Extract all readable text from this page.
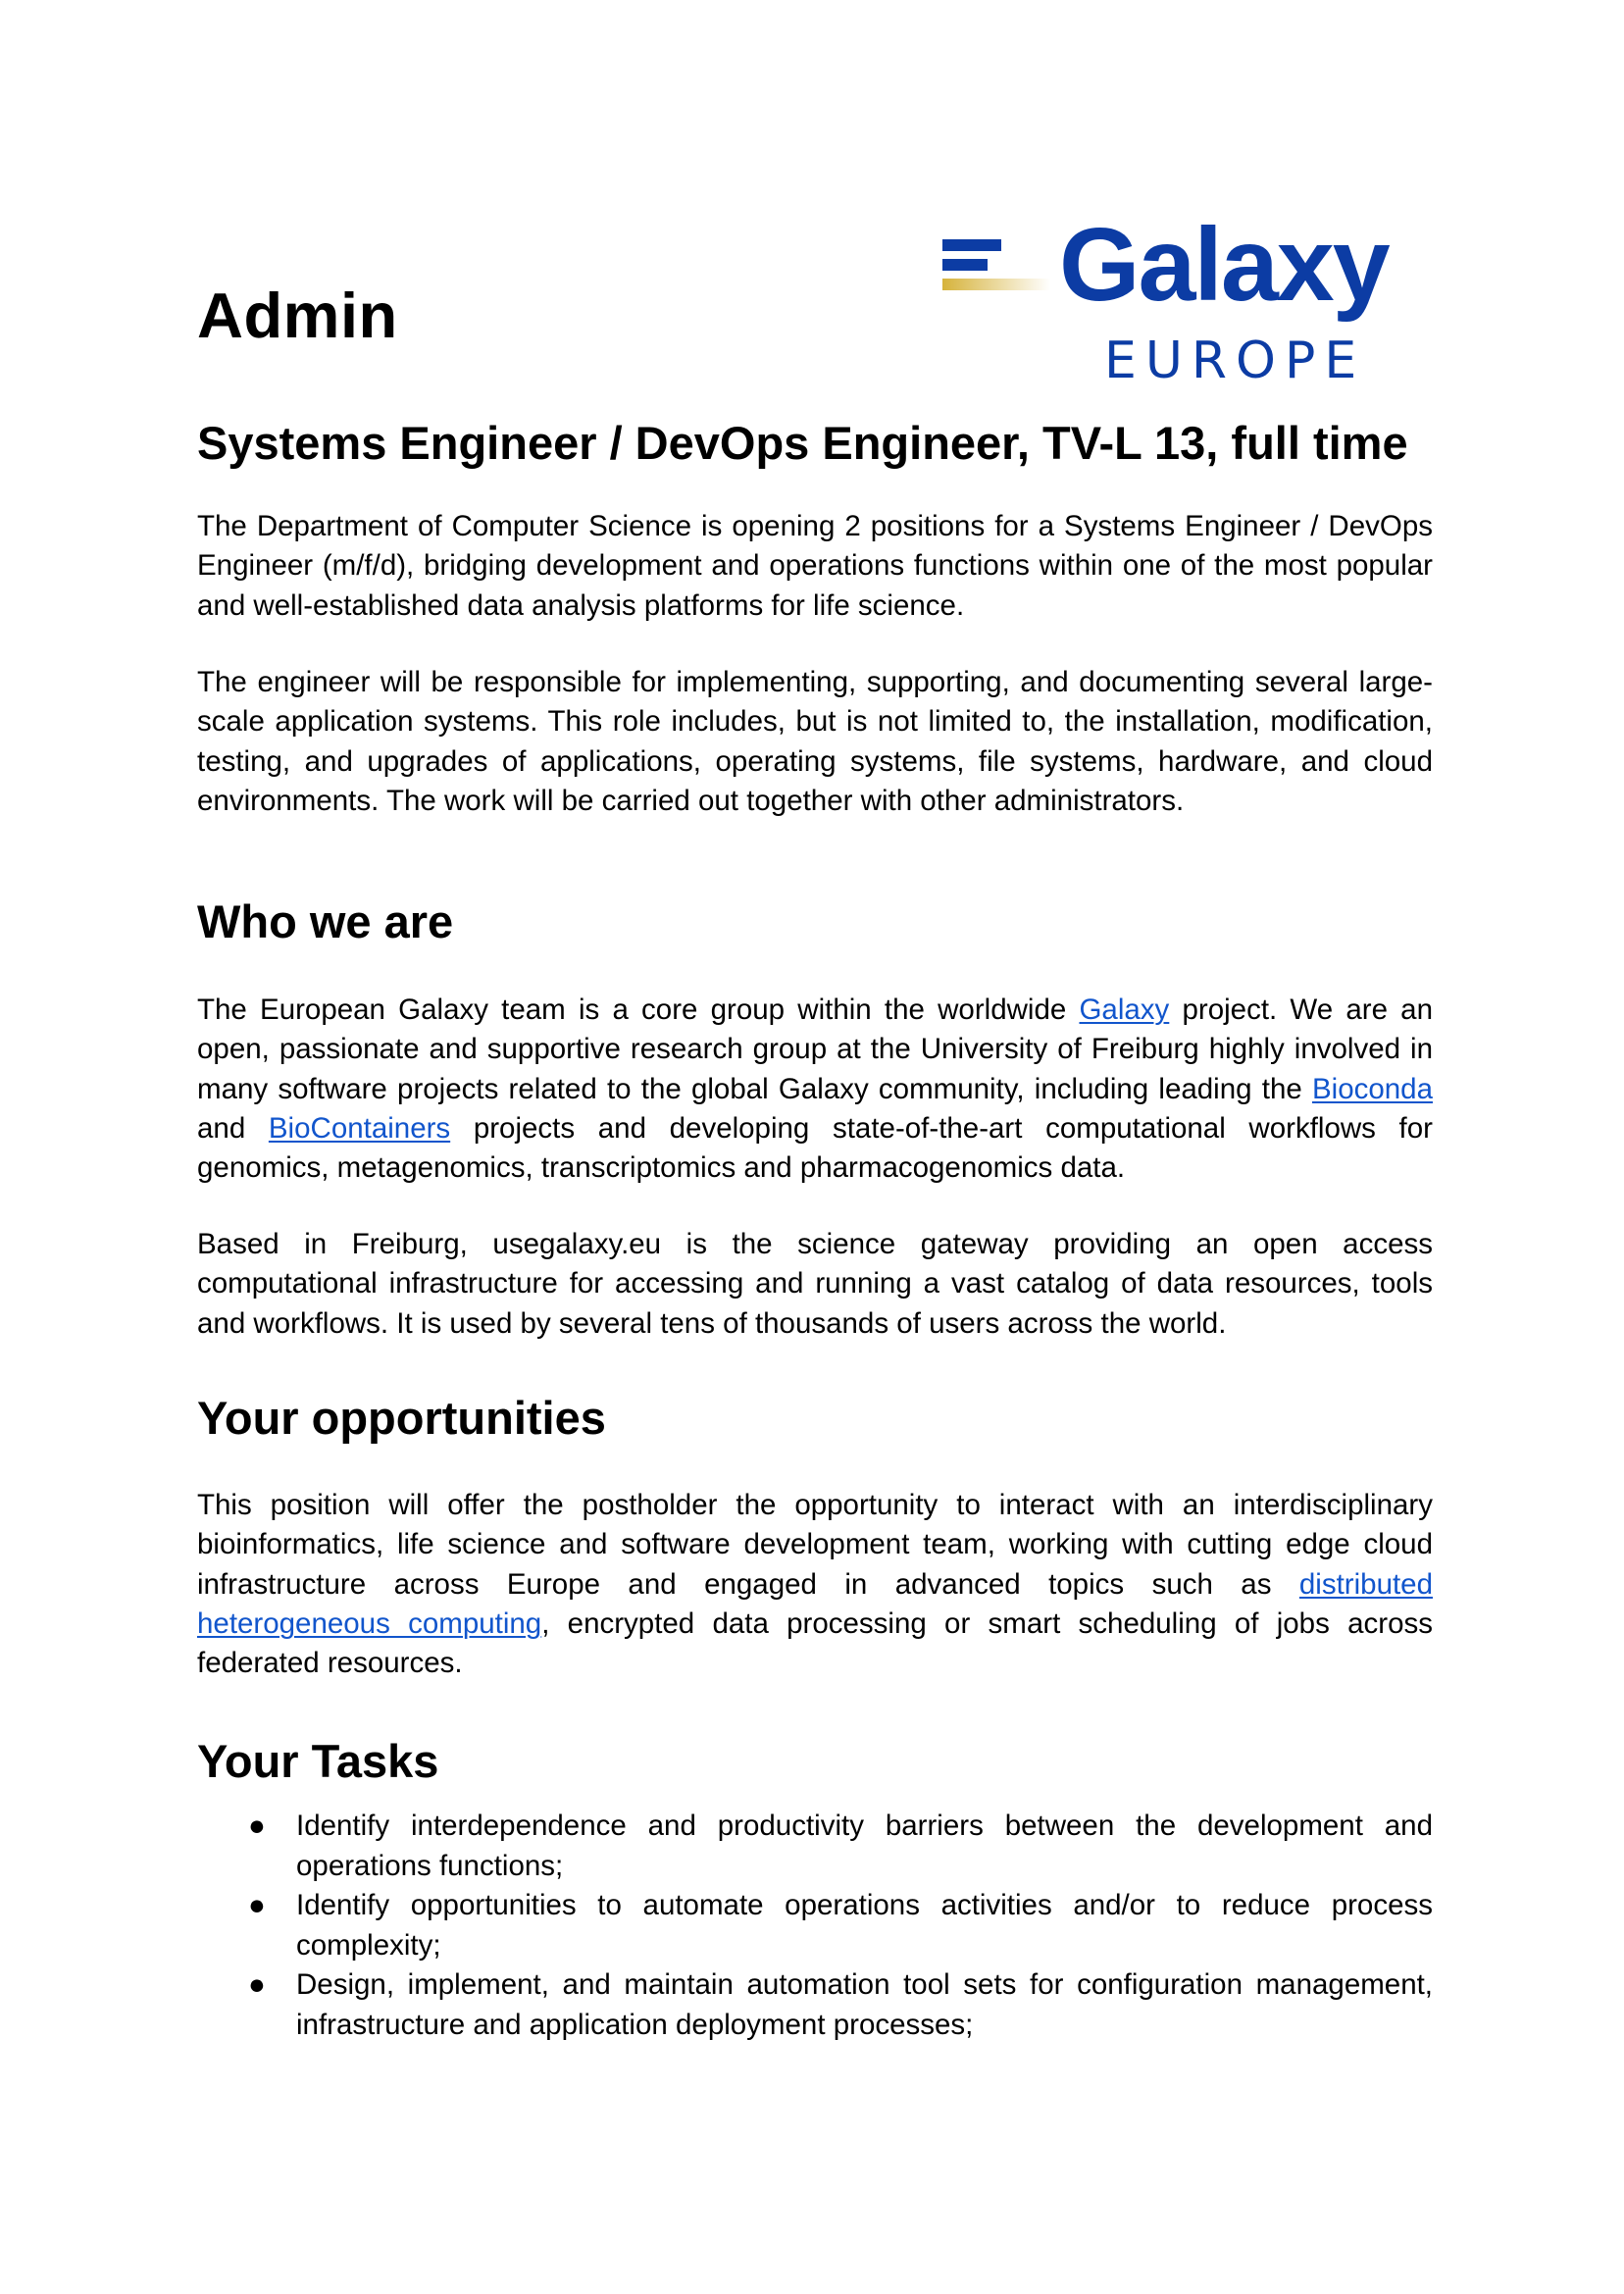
Admin	Galaxy
EUROPE
Systems Engineer / DevOps Engineer, TV-L 13, full time

The Department of Computer Science is opening 2 positions for a Systems Engineer / DevOps Engineer (m/f/d), bridging development and operations functions within one of the most popular and well-established data analysis platforms for life science.

The engineer will be responsible for implementing, supporting, and documenting several large-scale application systems. This role includes, but is not limited to, the installation, modification, testing, and upgrades of applications, operating systems, file systems, hardware, and cloud environments. The work will be carried out together with other administrators.

Who we are

The European Galaxy team is a core group within the worldwide Galaxy project. We are an open, passionate and supportive research group at the University of Freiburg highly involved in many software projects related to the global Galaxy community, including leading the Bioconda and BioContainers projects and developing state-of-the-art computational workflows for genomics, metagenomics, transcriptomics and pharmacogenomics data.

Based in Freiburg, usegalaxy.eu is the science gateway providing an open access computational infrastructure for accessing and running a vast catalog of data resources, tools and workflows. It is used by several tens of thousands of users across the world.

Your opportunities

This position will offer the postholder the opportunity to interact with an interdisciplinary bioinformatics, life science and software development team, working with cutting edge cloud infrastructure across Europe and engaged in advanced topics such as distributed heterogeneous computing, encrypted data processing or smart scheduling of jobs across federated resources.

Your Tasks
● Identify interdependence and productivity barriers between the development and operations functions;
● Identify opportunities to automate operations activities and/or to reduce process complexity;
● Design, implement, and maintain automation tool sets for configuration management, infrastructure and application deployment processes;
